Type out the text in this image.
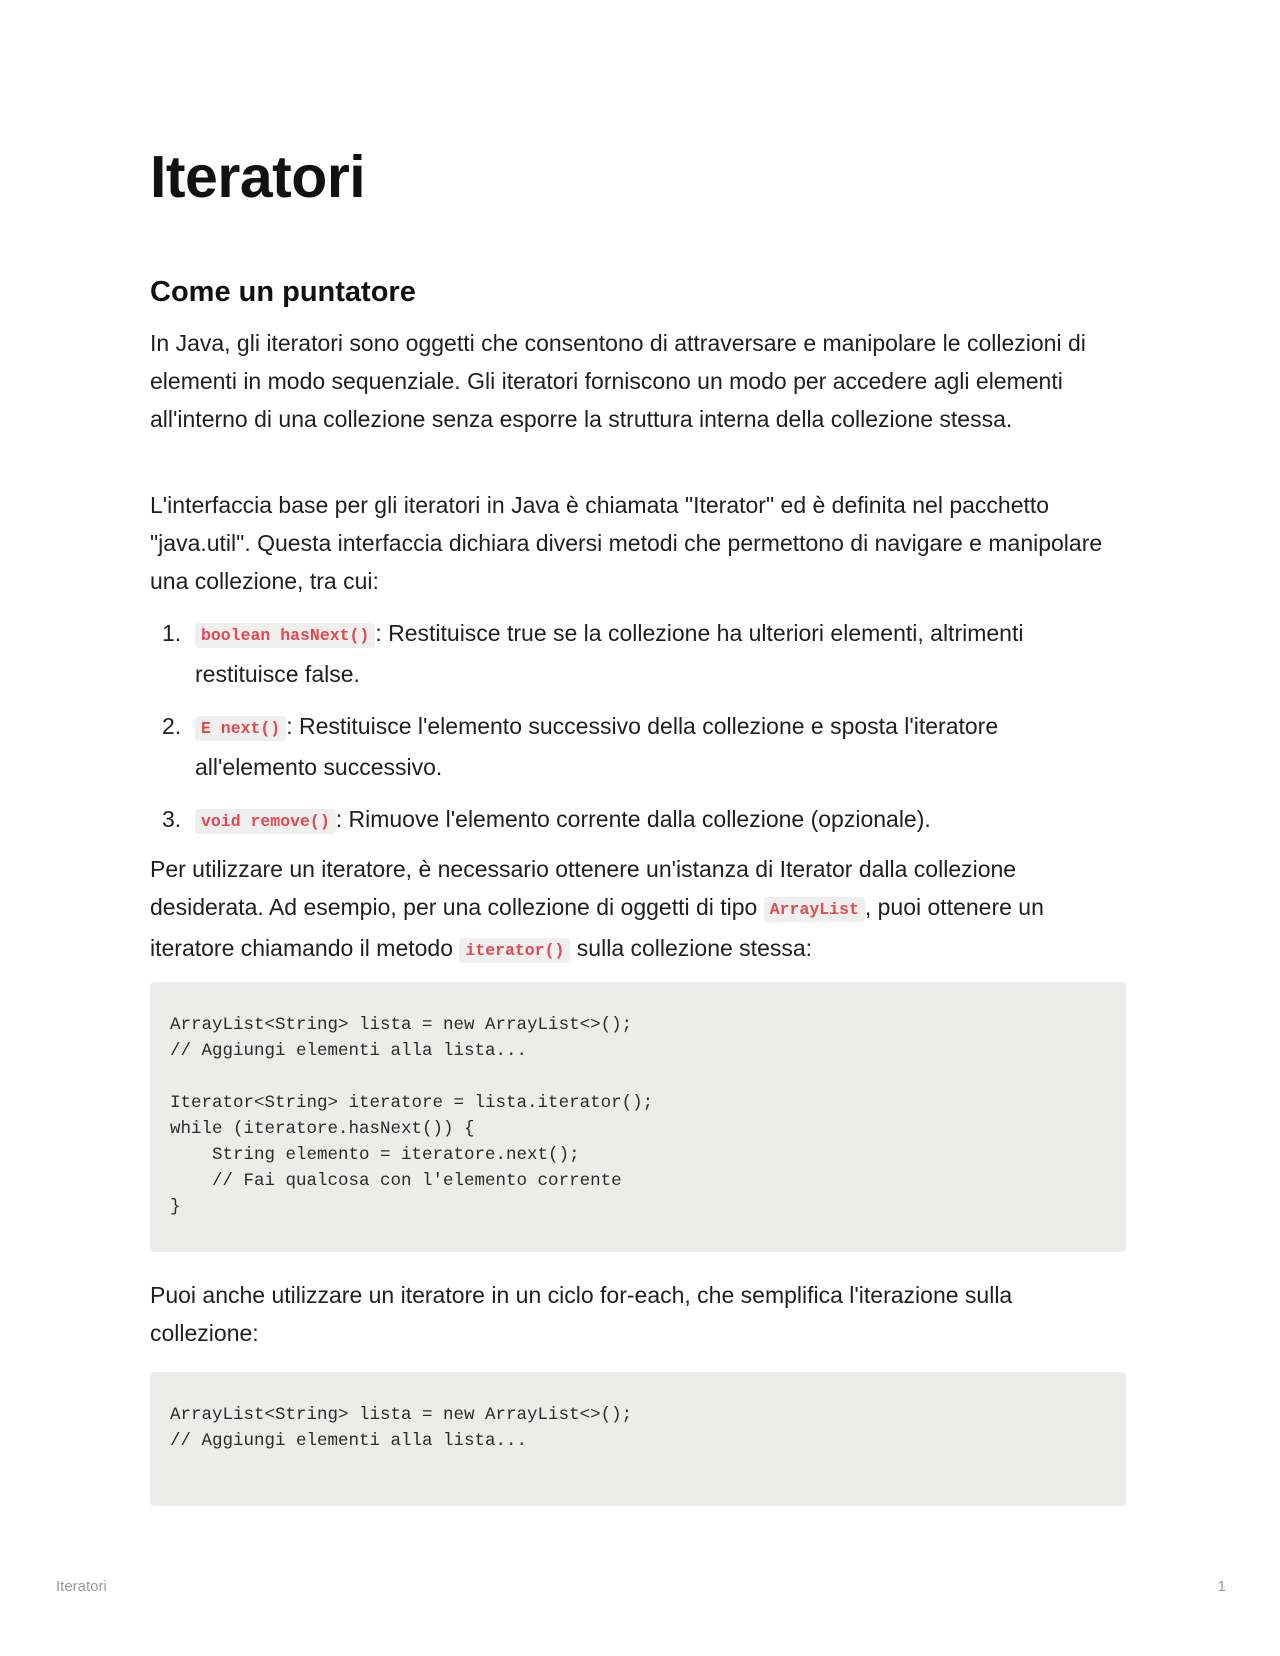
Iteratori
Come un puntatore

In Java, gli iteratori sono oggetti che consentono di attraversare e manipolare le collezioni di elementi in modo sequenziale. Gli iteratori forniscono un modo per accedere agli elementi all'interno di una collezione senza esporre la struttura interna della collezione stessa.

L'interfaccia base per gli iteratori in Java è chiamata "Iterator" ed è definita nel pacchetto "java.util". Questa interfaccia dichiara diversi metodi che permettono di navigare e manipolare una collezione, tra cui:

1. boolean hasNext() : Restituisce true se la collezione ha ulteriori elementi, altrimenti restituisce false.
2. E next() : Restituisce l'elemento successivo della collezione e sposta l'iteratore all'elemento successivo.
3. void remove() : Rimuove l'elemento corrente dalla collezione (opzionale).

Per utilizzare un iteratore, è necessario ottenere un'istanza di Iterator dalla collezione desiderata. Ad esempio, per una collezione di oggetti di tipo ArrayList , puoi ottenere un iteratore chiamando il metodo iterator() sulla collezione stessa:

ArrayList<String> lista = new ArrayList<>();
// Aggiungi elementi alla lista...

Iterator<String> iteratore = lista.iterator();
while (iteratore.hasNext()) {
String elemento = iteratore.next();
// Fai qualcosa con l'elemento corrente
}

Puoi anche utilizzare un iteratore in un ciclo for-each, che semplifica l'iterazione sulla collezione:

ArrayList<String> lista = new ArrayList<>();
// Aggiungi elementi alla lista...
Iteratori	1
